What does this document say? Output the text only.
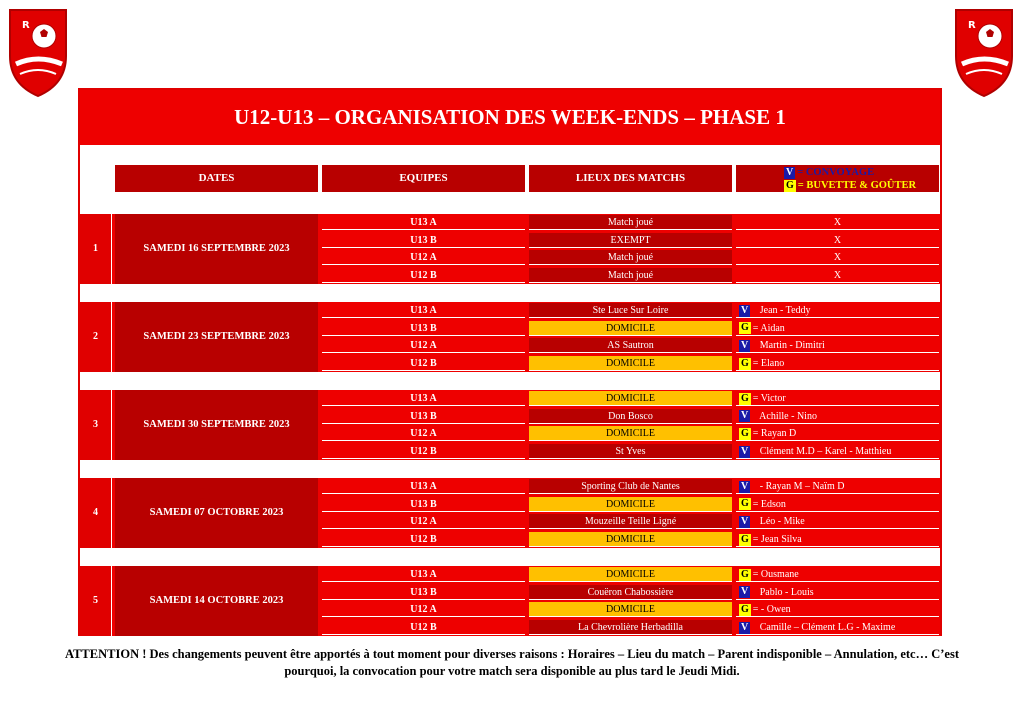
R	R
U12-U13 – ORGANISATION DES WEEK-ENDS – PHASE 1
DATES	EQUIPES	LIEUX DES MATCHS	V = CONVOYAGE
G = BUVETTE & GOÛTER
1	SAMEDI 16 SEPTEMBRE 2023
U13 A	Match joué	X
U13 B	EXEMPT	X
U12 A	Match joué	X
U12 B	Match joué	X
2	SAMEDI 23 SEPTEMBRE 2023
U13 A	Ste Luce Sur Loire	V   Jean - Teddy
U13 B	DOMICILE	G = Aidan
U12 A	AS Sautron	V   Martin - Dimitri
U12 B	DOMICILE	G = Elano
3	SAMEDI 30 SEPTEMBRE 2023
U13 A	DOMICILE	G = Victor
U13 B	Don Bosco	V   Achille - Nino
U12 A	DOMICILE	G = Rayan D
U12 B	St Yves	V   Clément M.D – Karel - Matthieu
4	SAMEDI 07 OCTOBRE 2023
U13 A	Sporting Club de Nantes	V   - Rayan M – Naïm D
U13 B	DOMICILE	G = Edson
U12 A	Mouzeille Teille Ligné	V   Léo - Mike
U12 B	DOMICILE	G = Jean Silva
5	SAMEDI 14 OCTOBRE 2023
U13 A	DOMICILE	G = Ousmane
U13 B	Couëron Chabossière	V   Pablo - Louis
U12 A	DOMICILE	G = - Owen
U12 B	La Chevrolière Herbadilla	V   Camille – Clément L.G - Maxime
ATTENTION ! Des changements peuvent être apportés à tout moment pour diverses raisons : Horaires – Lieu du match – Parent indisponible – Annulation, etc… C’est pourquoi, la convocation pour votre match sera disponible au plus tard le Jeudi Midi.
